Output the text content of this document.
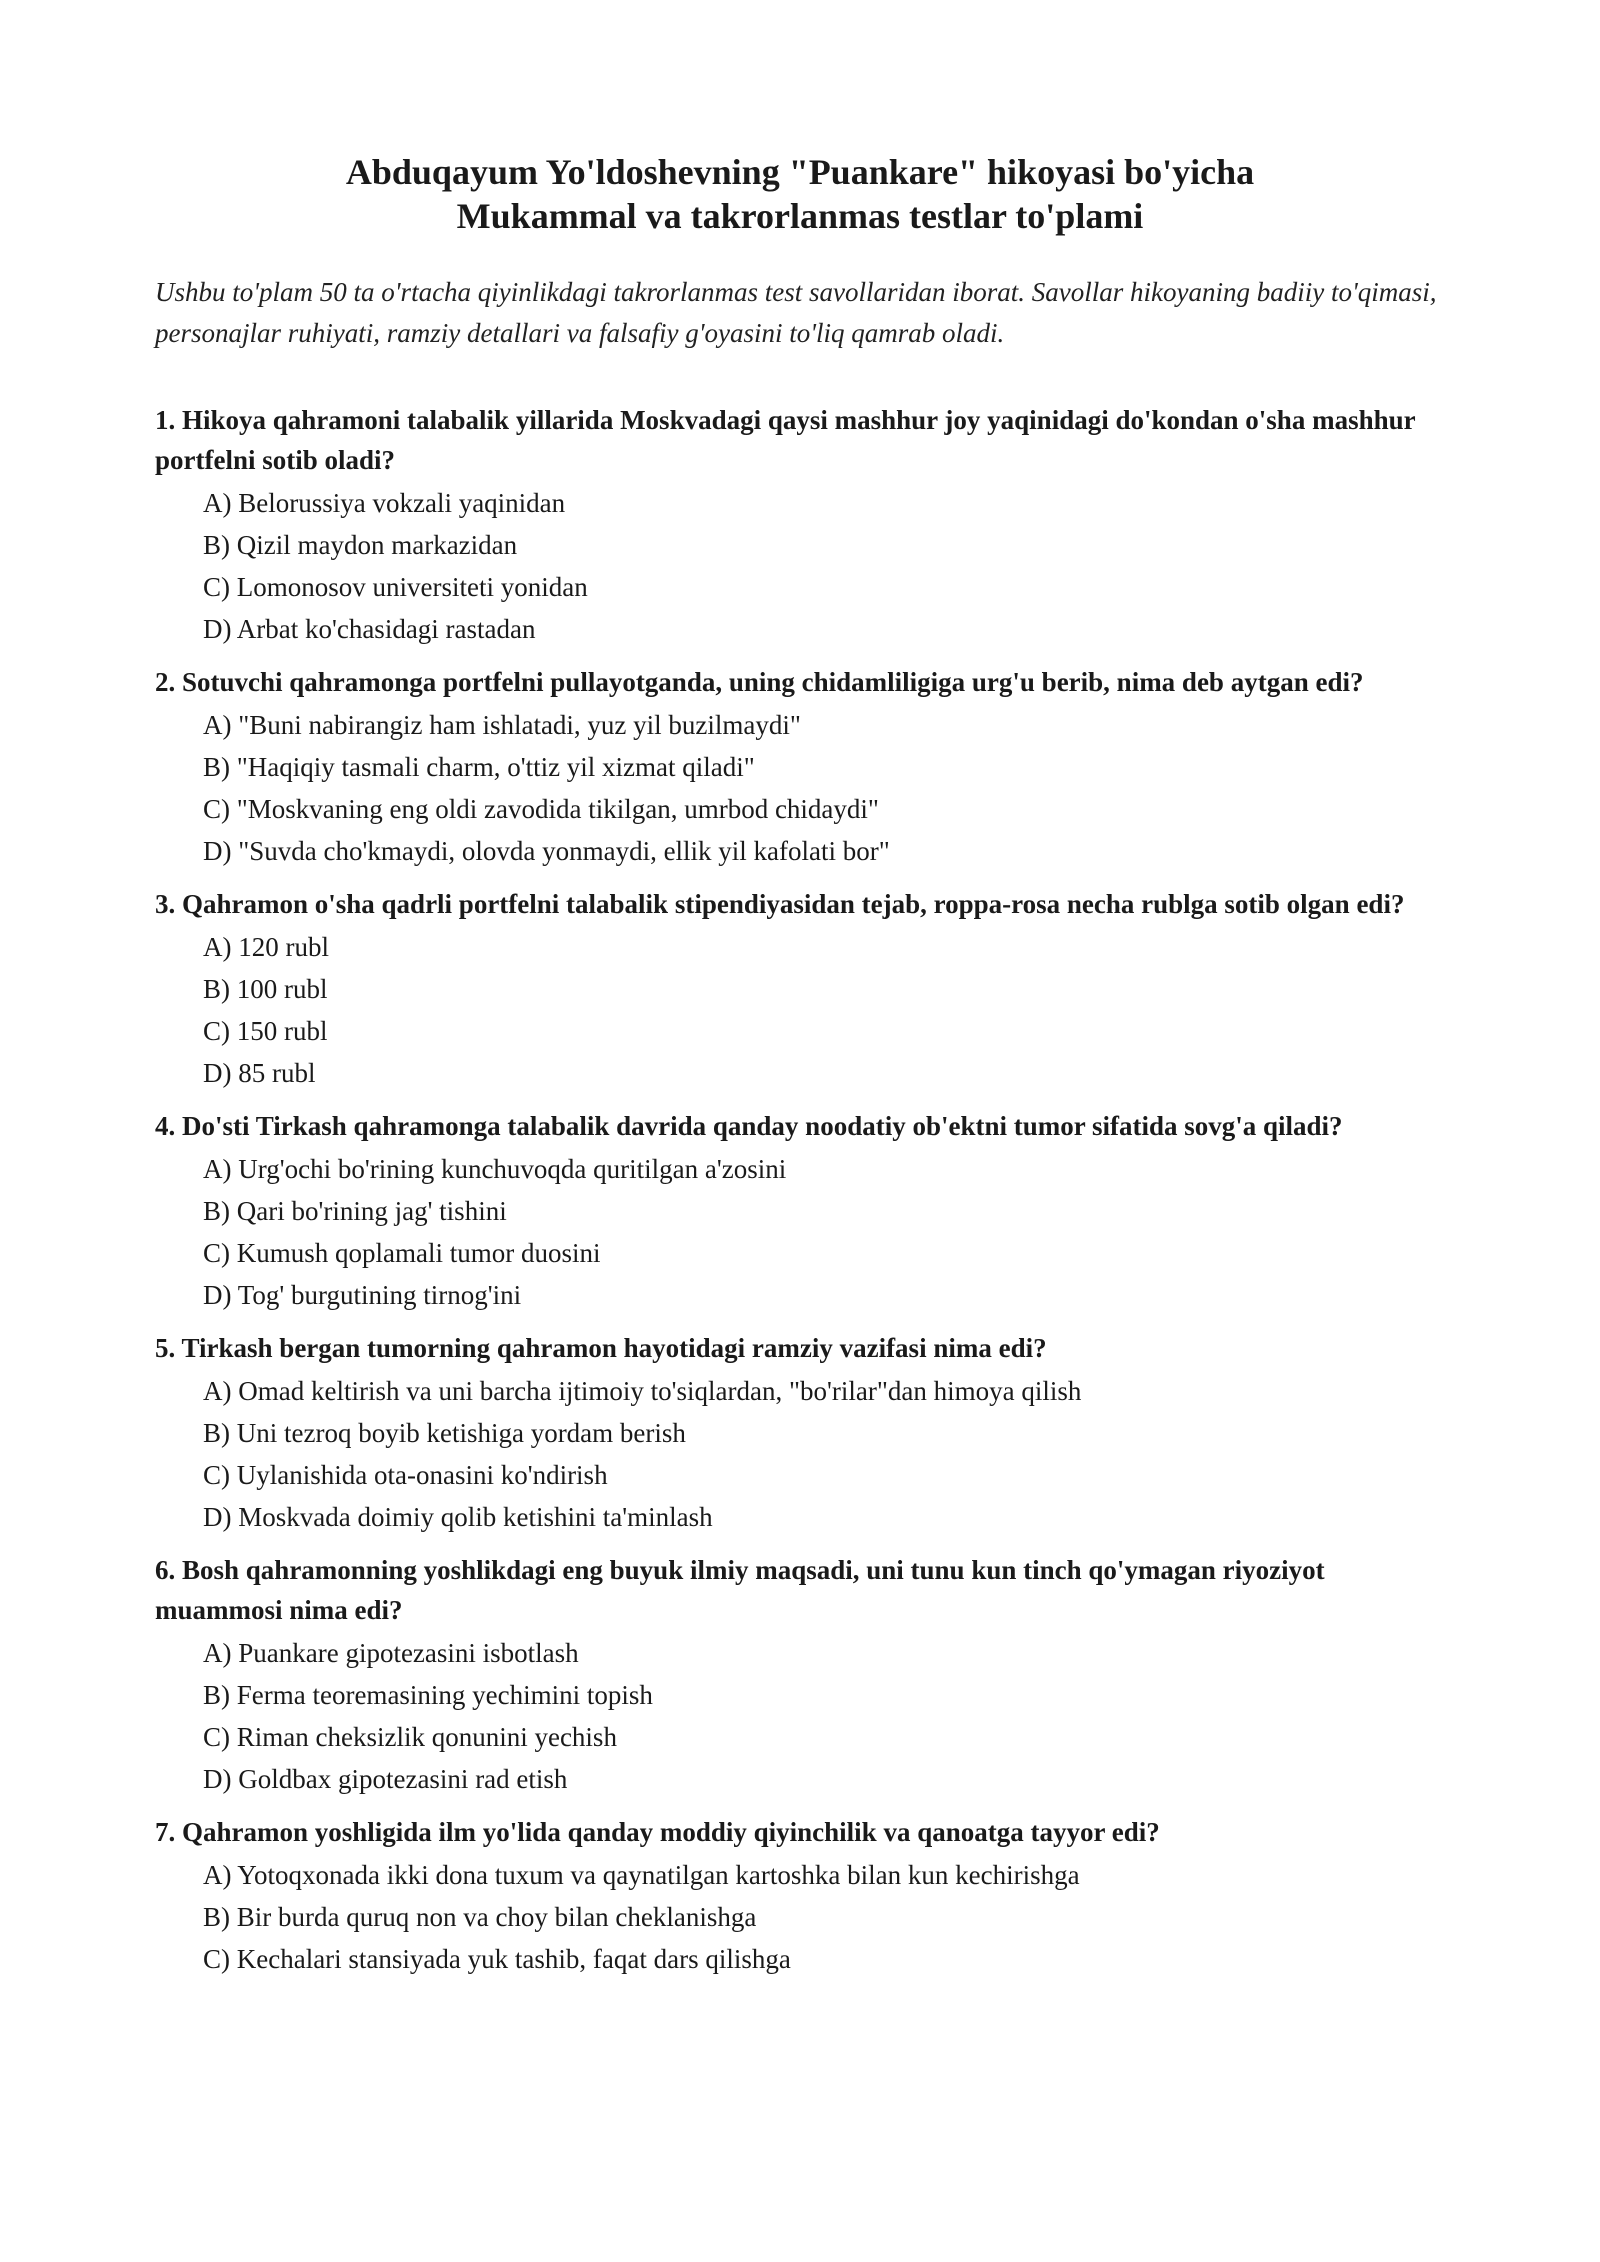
Abduqayum Yo'ldoshevning "Puankare" hikoyasi bo'yicha
Mukammal va takrorlanmas testlar to'plami

Ushbu to'plam 50 ta o'rtacha qiyinlikdagi takrorlanmas test savollaridan iborat. Savollar hikoyaning badiiy to'qimasi, personajlar ruhiyati, ramziy detallari va falsafiy g'oyasini to'liq qamrab oladi.

1. Hikoya qahramoni talabalik yillarida Moskvadagi qaysi mashhur joy yaqinidagi do'kondan o'sha mashhur portfelni sotib oladi?
A) Belorussiya vokzali yaqinidan
B) Qizil maydon markazidan
C) Lomonosov universiteti yonidan
D) Arbat ko'chasidagi rastadan
2. Sotuvchi qahramonga portfelni pullayotganda, uning chidamliligiga urg'u berib, nima deb aytgan edi?
A) "Buni nabirangiz ham ishlatadi, yuz yil buzilmaydi"
B) "Haqiqiy tasmali charm, o'ttiz yil xizmat qiladi"
C) "Moskvaning eng oldi zavodida tikilgan, umrbod chidaydi"
D) "Suvda cho'kmaydi, olovda yonmaydi, ellik yil kafolati bor"
3. Qahramon o'sha qadrli portfelni talabalik stipendiyasidan tejab, roppa-rosa necha rublga sotib olgan edi?
A) 120 rubl
B) 100 rubl
C) 150 rubl
D) 85 rubl
4. Do'sti Tirkash qahramonga talabalik davrida qanday noodatiy ob'ektni tumor sifatida sovg'a qiladi?
A) Urg'ochi bo'rining kunchuvoqda quritilgan a'zosini
B) Qari bo'rining jag' tishini
C) Kumush qoplamali tumor duosini
D) Tog' burgutining tirnog'ini
5. Tirkash bergan tumorning qahramon hayotidagi ramziy vazifasi nima edi?
A) Omad keltirish va uni barcha ijtimoiy to'siqlardan, "bo'rilar"dan himoya qilish
B) Uni tezroq boyib ketishiga yordam berish
C) Uylanishida ota-onasini ko'ndirish
D) Moskvada doimiy qolib ketishini ta'minlash
6. Bosh qahramonning yoshlikdagi eng buyuk ilmiy maqsadi, uni tunu kun tinch qo'ymagan riyoziyot muammosi nima edi?
A) Puankare gipotezasini isbotlash
B) Ferma teoremasining yechimini topish
C) Riman cheksizlik qonunini yechish
D) Goldbax gipotezasini rad etish
7. Qahramon yoshligida ilm yo'lida qanday moddiy qiyinchilik va qanoatga tayyor edi?
A) Yotoqxonada ikki dona tuxum va qaynatilgan kartoshka bilan kun kechirishga
B) Bir burda quruq non va choy bilan cheklanishga
C) Kechalari stansiyada yuk tashib, faqat dars qilishga
